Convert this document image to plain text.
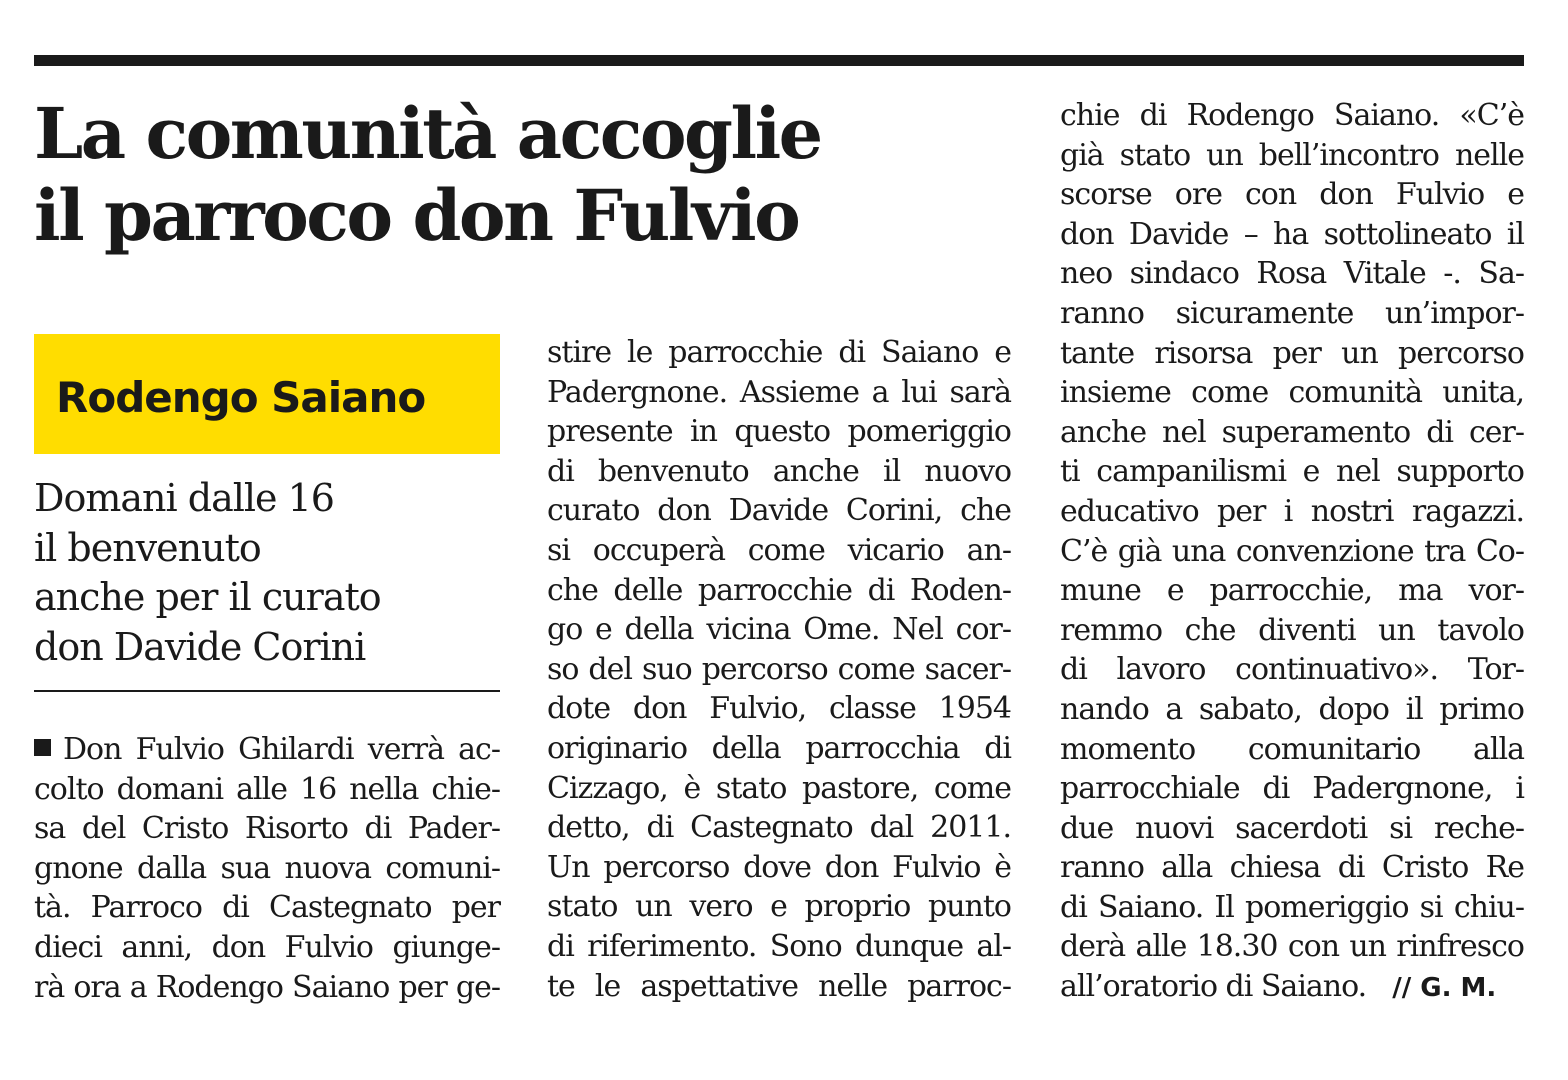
La comunità accoglie
il parroco don Fulvio
Rodengo Saiano
Domani dalle 16
il benvenuto
anche per il curato
don Davide Corini
Don Fulvio Ghilardi verrà ac-
colto domani alle 16 nella chie-
sa del Cristo Risorto di Pader-
gnone dalla sua nuova comuni-
tà. Parroco di Castegnato per
dieci anni, don Fulvio giunge-
rà ora a Rodengo Saiano per ge-
stire le parrocchie di Saiano e
Padergnone. Assieme a lui sarà
presente in questo pomeriggio
di benvenuto anche il nuovo
curato don Davide Corini, che
si occuperà come vicario an-
che delle parrocchie di Roden-
go e della vicina Ome. Nel cor-
so del suo percorso come sacer-
dote don Fulvio, classe 1954
originario della parrocchia di
Cizzago, è stato pastore, come
detto, di Castegnato dal 2011.
Un percorso dove don Fulvio è
stato un vero e proprio punto
di riferimento. Sono dunque al-
te le aspettative nelle parroc-
chie di Rodengo Saiano. «C’è
già stato un bell’incontro nelle
scorse ore con don Fulvio e
don Davide – ha sottolineato il
neo sindaco Rosa Vitale -. Sa-
ranno sicuramente un’impor-
tante risorsa per un percorso
insieme come comunità unita,
anche nel superamento di cer-
ti campanilismi e nel supporto
educativo per i nostri ragazzi.
C’è già una convenzione tra Co-
mune e parrocchie, ma vor-
remmo che diventi un tavolo
di lavoro continuativo». Tor-
nando a sabato, dopo il primo
momento comunitario alla
parrocchiale di Padergnone, i
due nuovi sacerdoti si reche-
ranno alla chiesa di Cristo Re
di Saiano. Il pomeriggio si chiu-
derà alle 18.30 con un rinfresco
all’oratorio di Saiano. // G. M.
